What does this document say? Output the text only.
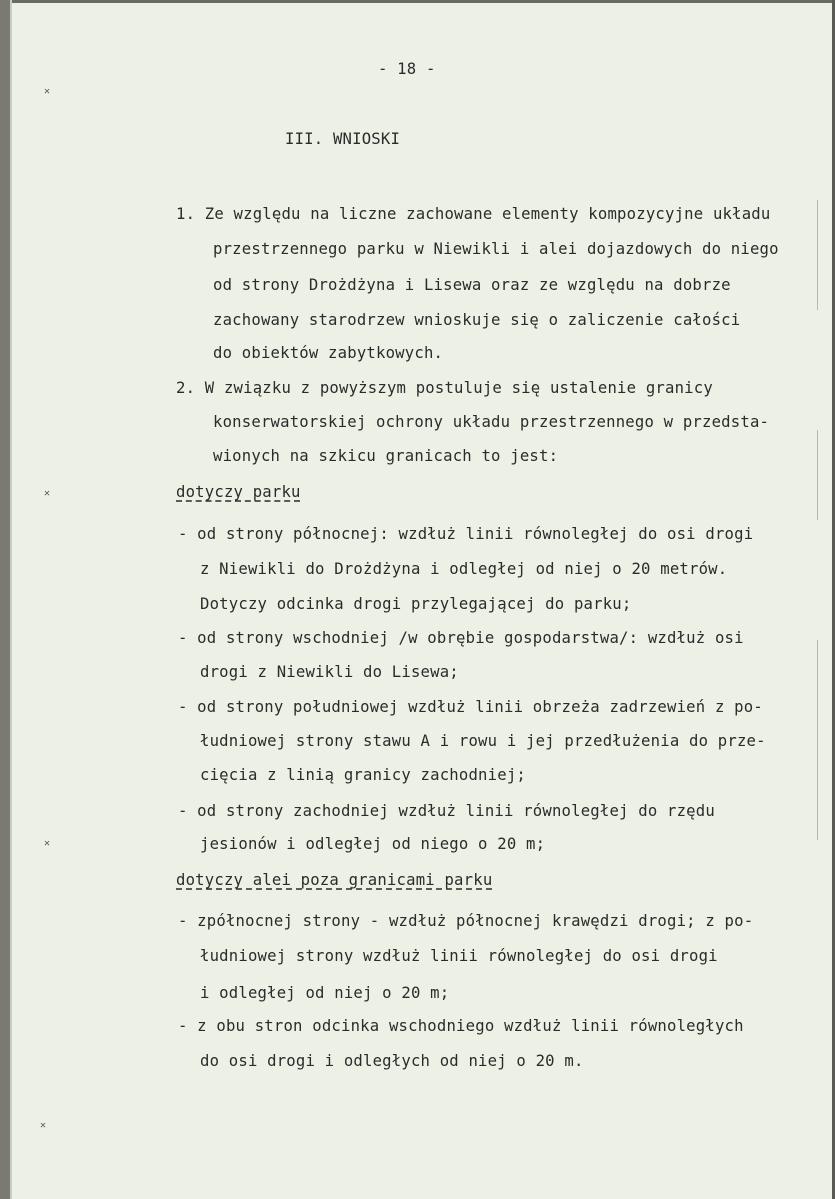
✕
✕
✕
✕
- 18 -
III. WNIOSKI
1. Ze względu na liczne zachowane elementy kompozycyjne układu
przestrzennego parku w Niewikli i alei dojazdowych do niego
od strony Drożdżyna i Lisewa oraz ze względu na dobrze
zachowany starodrzew wnioskuje się o zaliczenie całości
do obiektów zabytkowych.
2. W związku z powyższym postuluje się ustalenie granicy
konserwatorskiej ochrony układu przestrzennego w przedsta-
wionych na szkicu granicach to jest:
dotyczy parku
- od strony północnej: wzdłuż linii równoległej do osi drogi
z Niewikli do Drożdżyna i odległej od niej o 20 metrów.
Dotyczy odcinka drogi przylegającej do parku;
- od strony wschodniej /w obrębie gospodarstwa/: wzdłuż osi
drogi z Niewikli do Lisewa;
- od strony południowej wzdłuż linii obrzeża zadrzewień z po-
łudniowej strony stawu A i rowu i jej przedłużenia do prze-
cięcia z linią granicy zachodniej;
- od strony zachodniej wzdłuż linii równoległej do rzędu
jesionów i odległej od niego o 20 m;
dotyczy alei poza granicami parku
- zpółnocnej strony - wzdłuż północnej krawędzi drogi; z po-
łudniowej strony wzdłuż linii równoległej do osi drogi
i odległej od niej o 20 m;
- z obu stron odcinka wschodniego wzdłuż linii równoległych
do osi drogi i odległych od niej o 20 m.
